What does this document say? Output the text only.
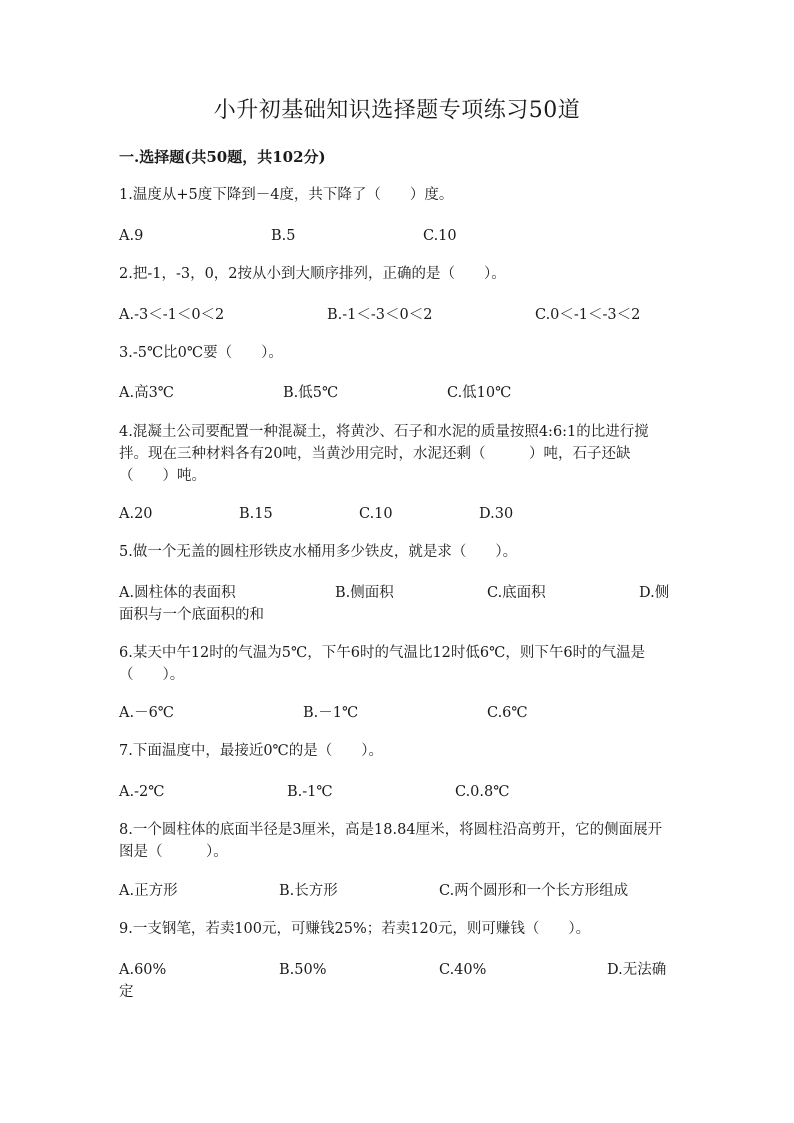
小升初基础知识选择题专项练习50道
一.选择题(共50题，共102分)
1.温度从+5度下降到－4度，共下降了（　　）度。
A.9	B.5	C.10
2.把-1，-3，0，2按从小到大顺序排列，正确的是（　　）。
A.-3＜-1＜0＜2	B.-1＜-3＜0＜2	C.0＜-1＜-3＜2
3.-5℃比0℃要（　　）。
A.高3℃	B.低5℃	C.低10℃
4.混凝土公司要配置一种混凝土，将黄沙、石子和水泥的质量按照4:6:1的比进行搅拌。现在三种材料各有20吨，当黄沙用完时，水泥还剩（　　　）吨，石子还缺（　　）吨。
A.20	B.15	C.10	D.30
5.做一个无盖的圆柱形铁皮水桶用多少铁皮，就是求（　　）。
A.圆柱体的表面积	B.侧面积	C.底面积	D.侧面积与一个底面积的和
6.某天中午12时的气温为5℃，下午6时的气温比12时低6℃，则下午6时的气温是（　　）。
A.－6℃	B.－1℃	C.6℃
7.下面温度中，最接近0℃的是（　　）。
A.-2℃	B.-1℃	C.0.8℃
8.一个圆柱体的底面半径是3厘米，高是18.84厘米，将圆柱沿高剪开，它的侧面展开图是（　　　）。
A.正方形	B.长方形	C.两个圆形和一个长方形组成
9.一支钢笔，若卖100元，可赚钱25%；若卖120元，则可赚钱（　　）。
A.60%	B.50%	C.40%	D.无法确定
